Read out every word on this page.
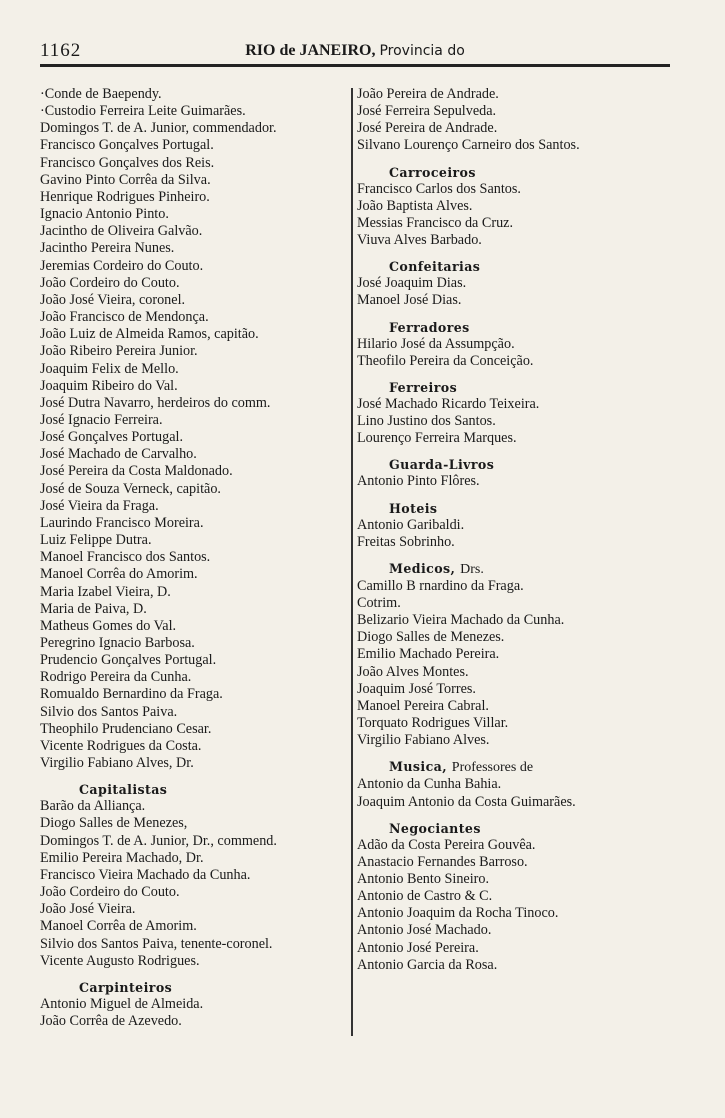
1162	RIO de JANEIRO, Provincia do
·Conde de Baependy.
·Custodio Ferreira Leite Guimarães.
Domingos T. de A. Junior, commendador.
Francisco Gonçalves Portugal.
Francisco Gonçalves dos Reis.
Gavino Pinto Corrêa da Silva.
Henrique Rodrigues Pinheiro.
Ignacio Antonio Pinto.
Jacintho de Oliveira Galvão.
Jacintho Pereira Nunes.
Jeremias Cordeiro do Couto.
João Cordeiro do Couto.
João José Vieira, coronel.
João Francisco de Mendonça.
João Luiz de Almeida Ramos, capitão.
João Ribeiro Pereira Junior.
Joaquim Felix de Mello.
Joaquim Ribeiro do Val.
José Dutra Navarro, herdeiros do comm.
José Ignacio Ferreira.
José Gonçalves Portugal.
José Machado de Carvalho.
José Pereira da Costa Maldonado.
José de Souza Verneck, capitão.
José Vieira da Fraga.
Laurindo Francisco Moreira.
Luiz Felippe Dutra.
Manoel Francisco dos Santos.
Manoel Corrêa do Amorim.
Maria Izabel Vieira, D.
Maria de Paiva, D.
Matheus Gomes do Val.
Peregrino Ignacio Barbosa.
Prudencio Gonçalves Portugal.
Rodrigo Pereira da Cunha.
Romualdo Bernardino da Fraga.
Silvio dos Santos Paiva.
Theophilo Prudenciano Cesar.
Vicente Rodrigues da Costa.
Virgilio Fabiano Alves, Dr.
Capitalistas
Barão da Alliança.
Diogo Salles de Menezes,
Domingos T. de A. Junior, Dr., commend.
Emilio Pereira Machado, Dr.
Francisco Vieira Machado da Cunha.
João Cordeiro do Couto.
João José Vieira.
Manoel Corrêa de Amorim.
Silvio dos Santos Paiva, tenente-coronel.
Vicente Augusto Rodrigues.
Carpinteiros
Antonio Miguel de Almeida.
João Corrêa de Azevedo.
João Pereira de Andrade.
José Ferreira Sepulveda.
José Pereira de Andrade.
Silvano Lourenço Carneiro dos Santos.
Carroceiros
Francisco Carlos dos Santos.
João Baptista Alves.
Messias Francisco da Cruz.
Viuva Alves Barbado.
Confeitarias
José Joaquim Dias.
Manoel José Dias.
Ferradores
Hilario José da Assumpção.
Theofilo Pereira da Conceição.
Ferreiros
José Machado Ricardo Teixeira.
Lino Justino dos Santos.
Lourenço Ferreira Marques.
Guarda-Livros
Antonio Pinto Flôres.
Hoteis
Antonio Garibaldi.
Freitas Sobrinho.
Medicos, Drs.
Camillo B rnardino da Fraga.
Cotrim.
Belizario Vieira Machado da Cunha.
Diogo Salles de Menezes.
Emilio Machado Pereira.
João Alves Montes.
Joaquim José Torres.
Manoel Pereira Cabral.
Torquato Rodrigues Villar.
Virgilio Fabiano Alves.
Musica, Professores de
Antonio da Cunha Bahia.
Joaquim Antonio da Costa Guimarães.
Negociantes
Adão da Costa Pereira Gouvêa.
Anastacio Fernandes Barroso.
Antonio Bento Sineiro.
Antonio de Castro & C.
Antonio Joaquim da Rocha Tinoco.
Antonio José Machado.
Antonio José Pereira.
Antonio Garcia da Rosa.
